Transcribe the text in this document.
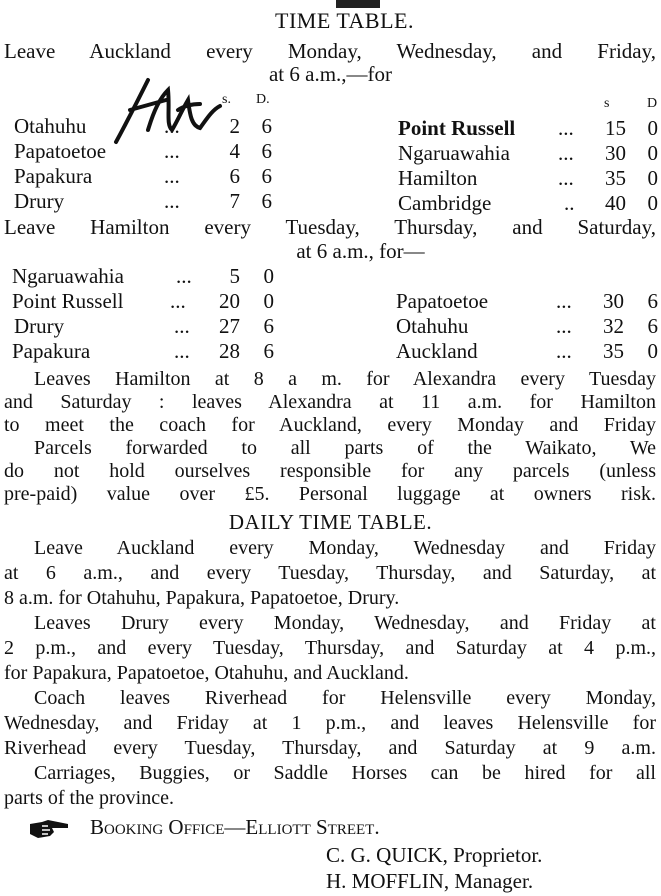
TIME TABLE.
Leave Auckland every Monday, Wednesday, and Friday,
at 6 a.m.,—for
s. D.	s	D
Otahuhu	...	2	6
Papatoetoe	...	4	6
Papakura	...	6	6
Drury	...	7	6
Point Russell ...	15	0
Ngaruawahia ...	30	0
Hamilton	...	35	0
Cambridge	..	40	0
Leave Hamilton every Tuesday, Thursday, and Saturday,
at 6 a.m., for—
Ngaruawahia ...	5	0
Point Russell ...	20	0
Drury	...	27	6
Papakura	...	28	6
Papatoetoe	...	30	6
Otahuhu	...	32	6
Auckland	...	35	0
Leaves Hamilton at 8 a m. for Alexandra every Tuesday
and Saturday : leaves Alexandra at 11 a.m. for Hamilton
to meet the coach for Auckland, every Monday and Friday
Parcels forwarded to all parts of the Waikato, We
do not hold ourselves responsible for any parcels (unless
pre-paid) value over £5. Personal luggage at owners risk.
DAILY TIME TABLE.
Leave Auckland every Monday, Wednesday and Friday
at 6 a.m., and every Tuesday, Thursday, and Saturday, at
8 a.m. for Otahuhu, Papakura, Papatoetoe, Drury.
Leaves Drury every Monday, Wednesday, and Friday at
2 p.m., and every Tuesday, Thursday, and Saturday at 4 p.m.,
for Papakura, Papatoetoe, Otahuhu, and Auckland.
Coach leaves Riverhead for Helensville every Monday,
Wednesday, and Friday at 1 p.m., and leaves Helensville for
Riverhead every Tuesday, Thursday, and Saturday at 9 a.m.
Carriages, Buggies, or Saddle Horses can be hired for all
parts of the province.
Booking Office—Elliott Street.
C. G. QUICK, Proprietor.
H. MOFFLIN, Manager.
